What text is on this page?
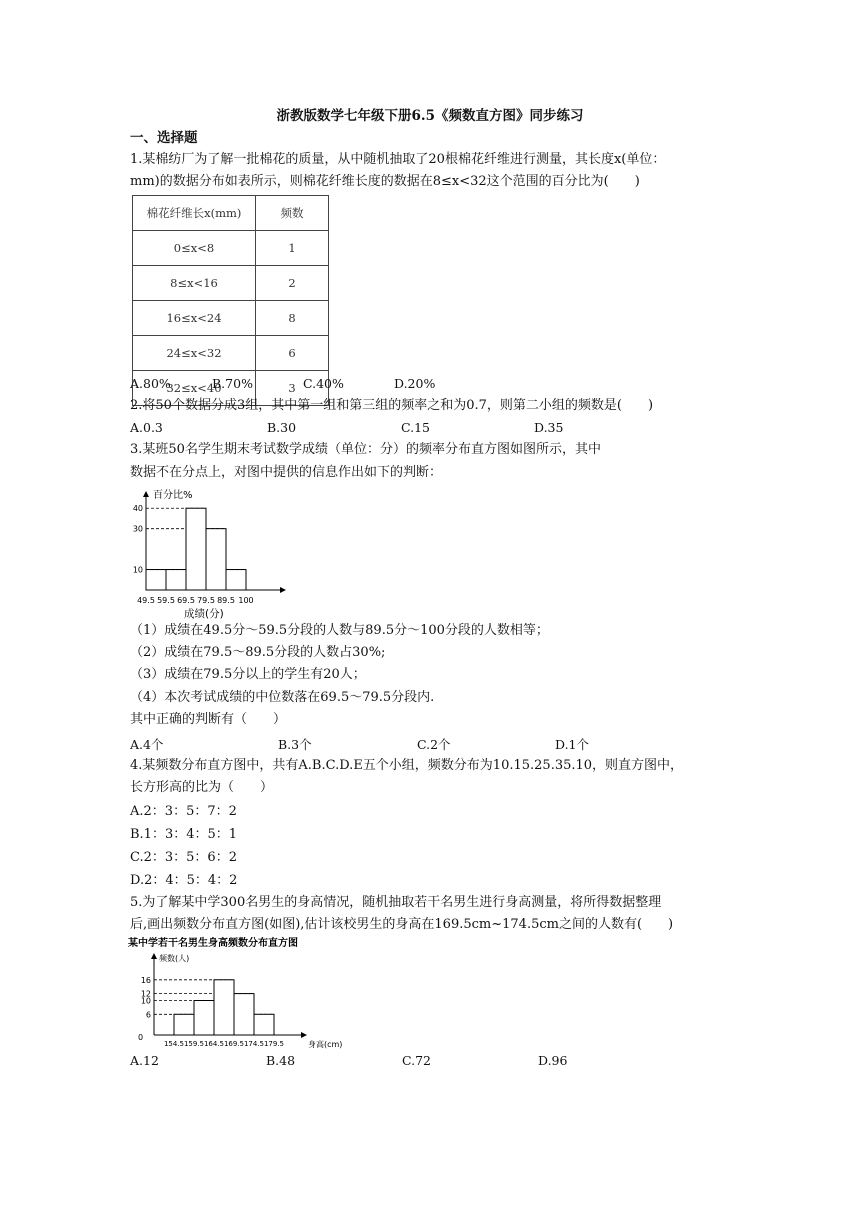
浙教版数学七年级下册6.5《频数直方图》同步练习
一、选择题
1.某棉纺厂为了解一批棉花的质量，从中随机抽取了20根棉花纤维进行测量，其长度x(单位：
mm)的数据分布如表所示，则棉花纤维长度的数据在8≤x<32这个范围的百分比为(　　)
棉花纤维长x(mm)	频数
0≤x<8	1
8≤x<16	2
16≤x<24	8
24≤x<32	6
32≤x<40	3
A.80%	B.70%	C.40%	D.20%
2.将50个数据分成3组，其中第一组和第三组的频率之和为0.7，则第二小组的频数是(　　)
A.0.3	B.30	C.15	D.35
3.某班50名学生期末考试数学成绩（单位：分）的频率分布直方图如图所示，其中
数据不在分点上，对图中提供的信息作出如下的判断：
百分比%
10
30
40
49.5 59.5 69.5 79.5 89.5 100
成绩(分)
（1）成绩在49.5分～59.5分段的人数与89.5分～100分段的人数相等；
（2）成绩在79.5～89.5分段的人数占30%;
（3）成绩在79.5分以上的学生有20人；
（4）本次考试成绩的中位数落在69.5～79.5分段内.
其中正确的判断有（　　）
A.4个	B.3个	C.2个	D.1个
4.某频数分布直方图中，共有A.B.C.D.E五个小组，频数分布为10.15.25.35.10，则直方图中，
长方形高的比为（　　）
A.2：3：5：7：2
B.1：3：4：5：1
C.2：3：5：6：2
D.2：4：5：4：2
5.为了解某中学300名男生的身高情况，随机抽取若干名男生进行身高测量，将所得数据整理
后,画出频数分布直方图(如图),估计该校男生的身高在169.5cm~174.5cm之间的人数有(　　)
某中学若干名男生身高频数分布直方图
频数(人)
0
6
10
12
16
154.5 159.5 164.5 169.5 174.5 179.5	身高(cm)
A.12	B.48	C.72	D.96
